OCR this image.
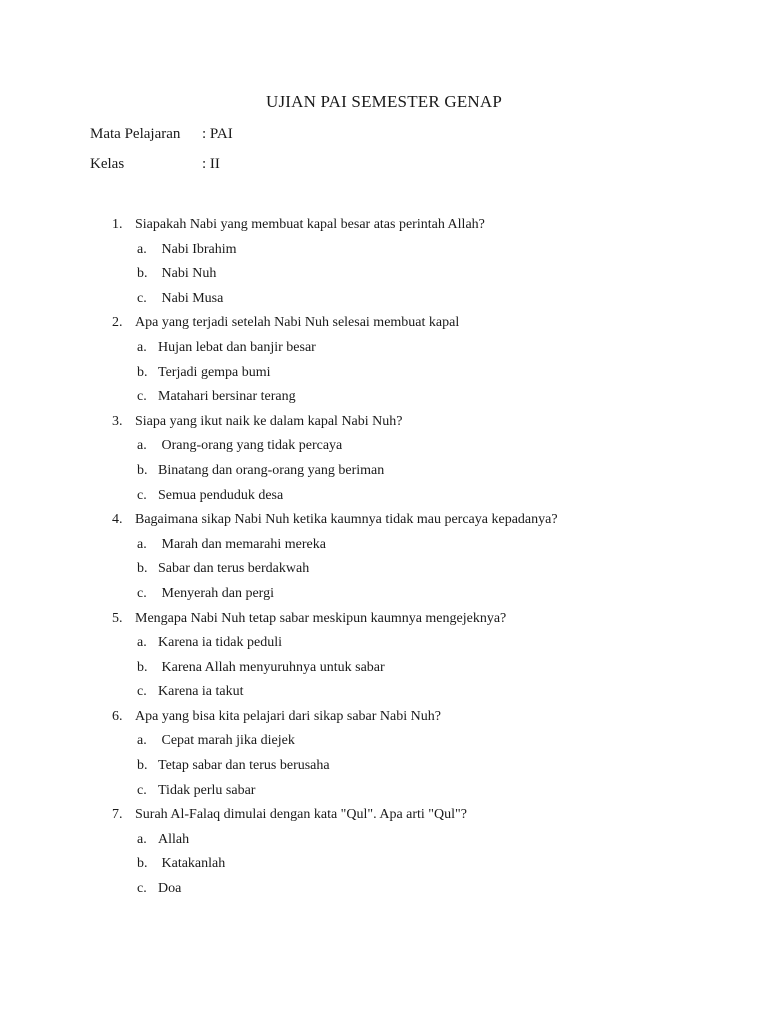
UJIAN PAI SEMESTER GENAP
Mata Pelajaran	: PAI
Kelas	: II
1. Siapakah Nabi yang membuat kapal besar atas perintah Allah?
a. Nabi Ibrahim
b. Nabi Nuh
c. Nabi Musa
2. Apa yang terjadi setelah Nabi Nuh selesai membuat kapal
a. Hujan lebat dan banjir besar
b. Terjadi gempa bumi
c. Matahari bersinar terang
3. Siapa yang ikut naik ke dalam kapal Nabi Nuh?
a. Orang-orang yang tidak percaya
b. Binatang dan orang-orang yang beriman
c. Semua penduduk desa
4. Bagaimana sikap Nabi Nuh ketika kaumnya tidak mau percaya kepadanya?
a. Marah dan memarahi mereka
b. Sabar dan terus berdakwah
c. Menyerah dan pergi
5. Mengapa Nabi Nuh tetap sabar meskipun kaumnya mengejeknya?
a. Karena ia tidak peduli
b. Karena Allah menyuruhnya untuk sabar
c. Karena ia takut
6. Apa yang bisa kita pelajari dari sikap sabar Nabi Nuh?
a. Cepat marah jika diejek
b. Tetap sabar dan terus berusaha
c. Tidak perlu sabar
7. Surah Al-Falaq dimulai dengan kata "Qul". Apa arti "Qul"?
a. Allah
b. Katakanlah
c. Doa
